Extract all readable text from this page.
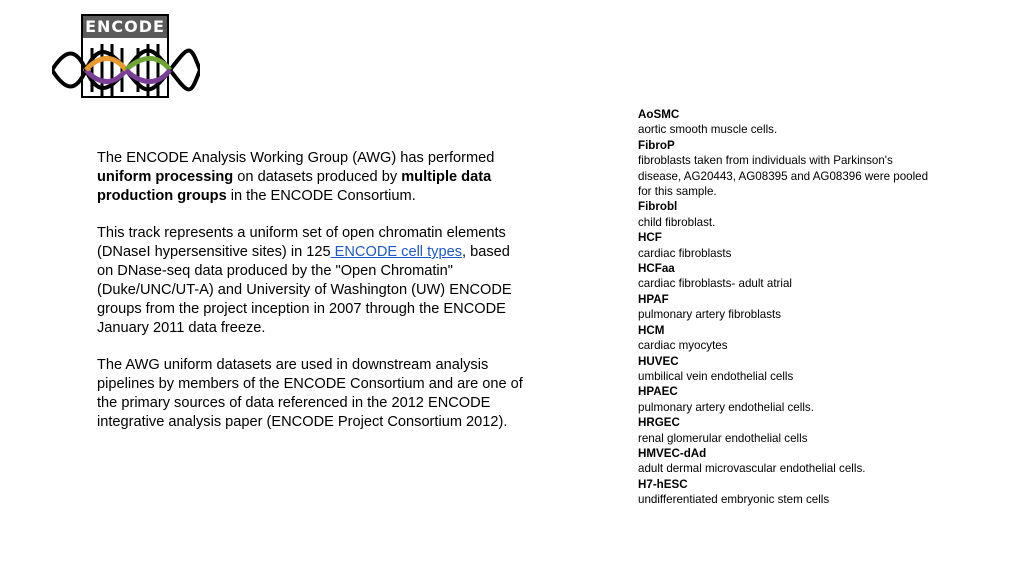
ENCODE

The ENCODE Analysis Working Group (AWG) has performed uniform processing on datasets produced by multiple data production groups in the ENCODE Consortium.

This track represents a uniform set of open chromatin elements (DNaseI hypersensitive sites) in 125 ENCODE cell types, based on DNase-seq data produced by the "Open Chromatin" (Duke/UNC/UT-A) and University of Washington (UW) ENCODE groups from the project inception in 2007 through the ENCODE January 2011 data freeze.

The AWG uniform datasets are used in downstream analysis pipelines by members of the ENCODE Consortium and are one of the primary sources of data referenced in the 2012 ENCODE integrative analysis paper (ENCODE Project Consortium 2012).

AoSMC
aortic smooth muscle cells.
FibroP
fibroblasts taken from individuals with Parkinson's disease, AG20443, AG08395 and AG08396 were pooled for this sample.
Fibrobl
child fibroblast.
HCF
cardiac fibroblasts
HCFaa
cardiac fibroblasts- adult atrial
HPAF
pulmonary artery fibroblasts
HCM
cardiac myocytes
HUVEC
umbilical vein endothelial cells
HPAEC
pulmonary artery endothelial cells.
HRGEC
renal glomerular endothelial cells
HMVEC-dAd
adult dermal microvascular endothelial cells.
H7-hESC
undifferentiated embryonic stem cells
